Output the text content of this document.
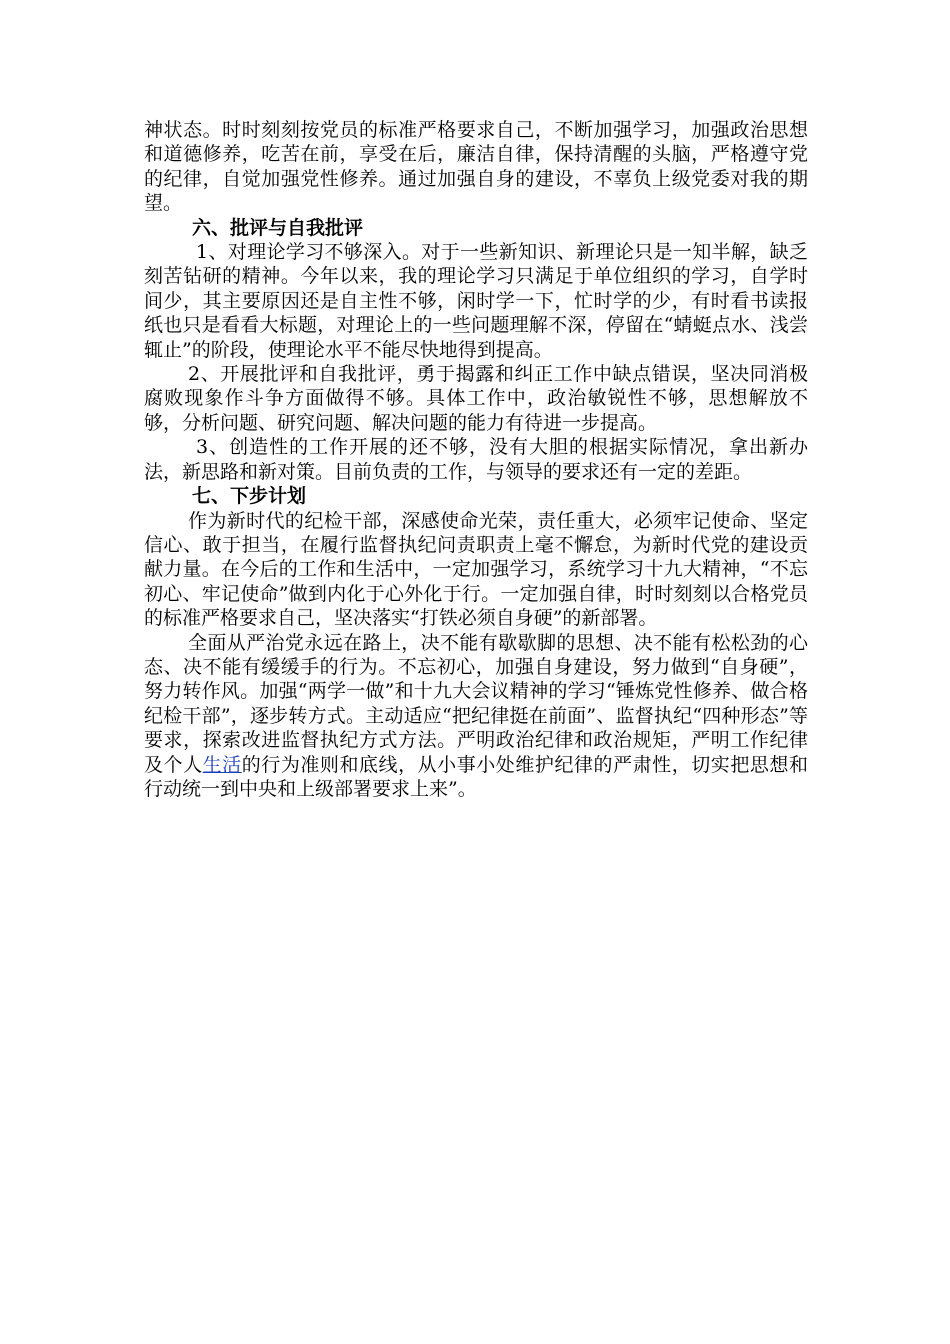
神状态。时时刻刻按党员的标准严格要求自己，不断加强学习，加强政治思想和道德修养，吃苦在前，享受在后，廉洁自律，保持清醒的头脑，严格遵守党的纪律，自觉加强党性修养。通过加强自身的建设，不辜负上级党委对我的期望。

六、批评与自我批评

1、对理论学习不够深入。对于一些新知识、新理论只是一知半解，缺乏刻苦钻研的精神。今年以来，我的理论学习只满足于单位组织的学习，自学时间少，其主要原因还是自主性不够，闲时学一下，忙时学的少，有时看书读报纸也只是看看大标题，对理论上的一些问题理解不深，停留在“蜻蜓点水、浅尝辄止”的阶段，使理论水平不能尽快地得到提高。

2、开展批评和自我批评，勇于揭露和纠正工作中缺点错误，坚决同消极腐败现象作斗争方面做得不够。具体工作中，政治敏锐性不够，思想解放不够，分析问题、研究问题、解决问题的能力有待进一步提高。

3、创造性的工作开展的还不够，没有大胆的根据实际情况，拿出新办法，新思路和新对策。目前负责的工作，与领导的要求还有一定的差距。

七、下步计划

作为新时代的纪检干部，深感使命光荣，责任重大，必须牢记使命、坚定信心、敢于担当，在履行监督执纪问责职责上毫不懈怠，为新时代党的建设贡献力量。在今后的工作和生活中，一定加强学习，系统学习十九大精神，“不忘初心、牢记使命”做到内化于心外化于行。一定加强自律，时时刻刻以合格党员的标准严格要求自己，坚决落实“打铁必须自身硬”的新部署。

全面从严治党永远在路上，决不能有歇歇脚的思想、决不能有松松劲的心态、决不能有缓缓手的行为。不忘初心，加强自身建设，努力做到“自身硬”，努力转作风。加强“两学一做”和十九大会议精神的学习“锤炼党性修养、做合格纪检干部”，逐步转方式。主动适应“把纪律挺在前面”、监督执纪“四种形态”等要求，探索改进监督执纪方式方法。严明政治纪律和政治规矩，严明工作纪律及个人生活的行为准则和底线，从小事小处维护纪律的严肃性，切实把思想和行动统一到中央和上级部署要求上来”。
